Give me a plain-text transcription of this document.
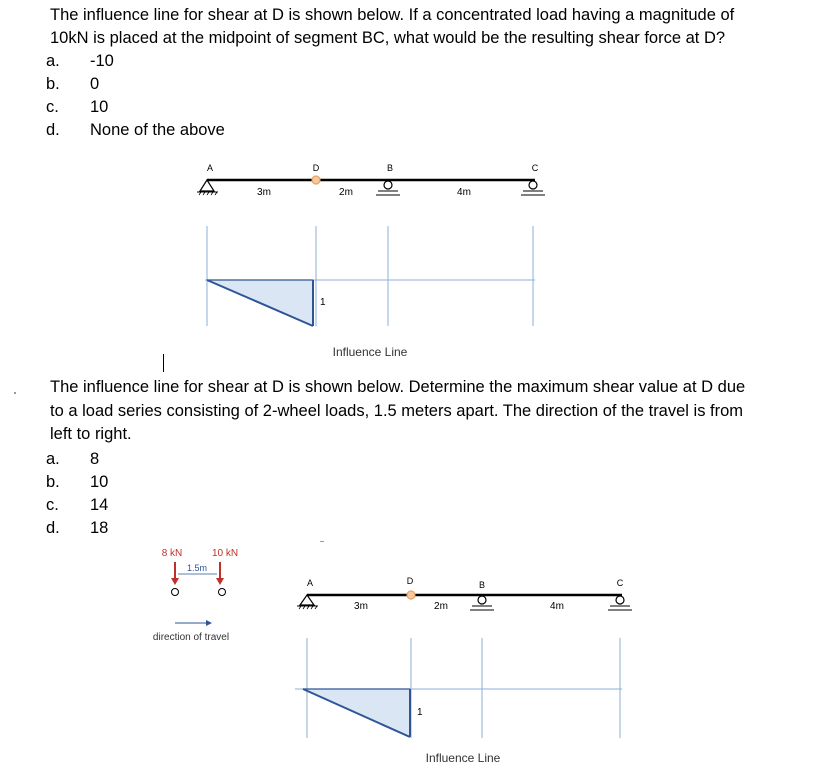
The influence line for shear at D is shown below. If a concentrated load having a magnitude of
10kN is placed at the midpoint of segment BC, what would be the resulting shear force at D?
a. -10
b. 0
c. 10
d. None of the above
A	D	B	C
3m	2m	4m
1
Influence Line
The influence line for shear at D is shown below. Determine the maximum shear value at D due
to a load series consisting of 2-wheel loads, 1.5 meters apart. The direction of the travel is from
left to right.
a. 8
b. 10
c. 14
d. 18
8 kN	10 kN
1.5m
direction of travel
A	D	B	C
3m	2m	4m
1
Influence Line
